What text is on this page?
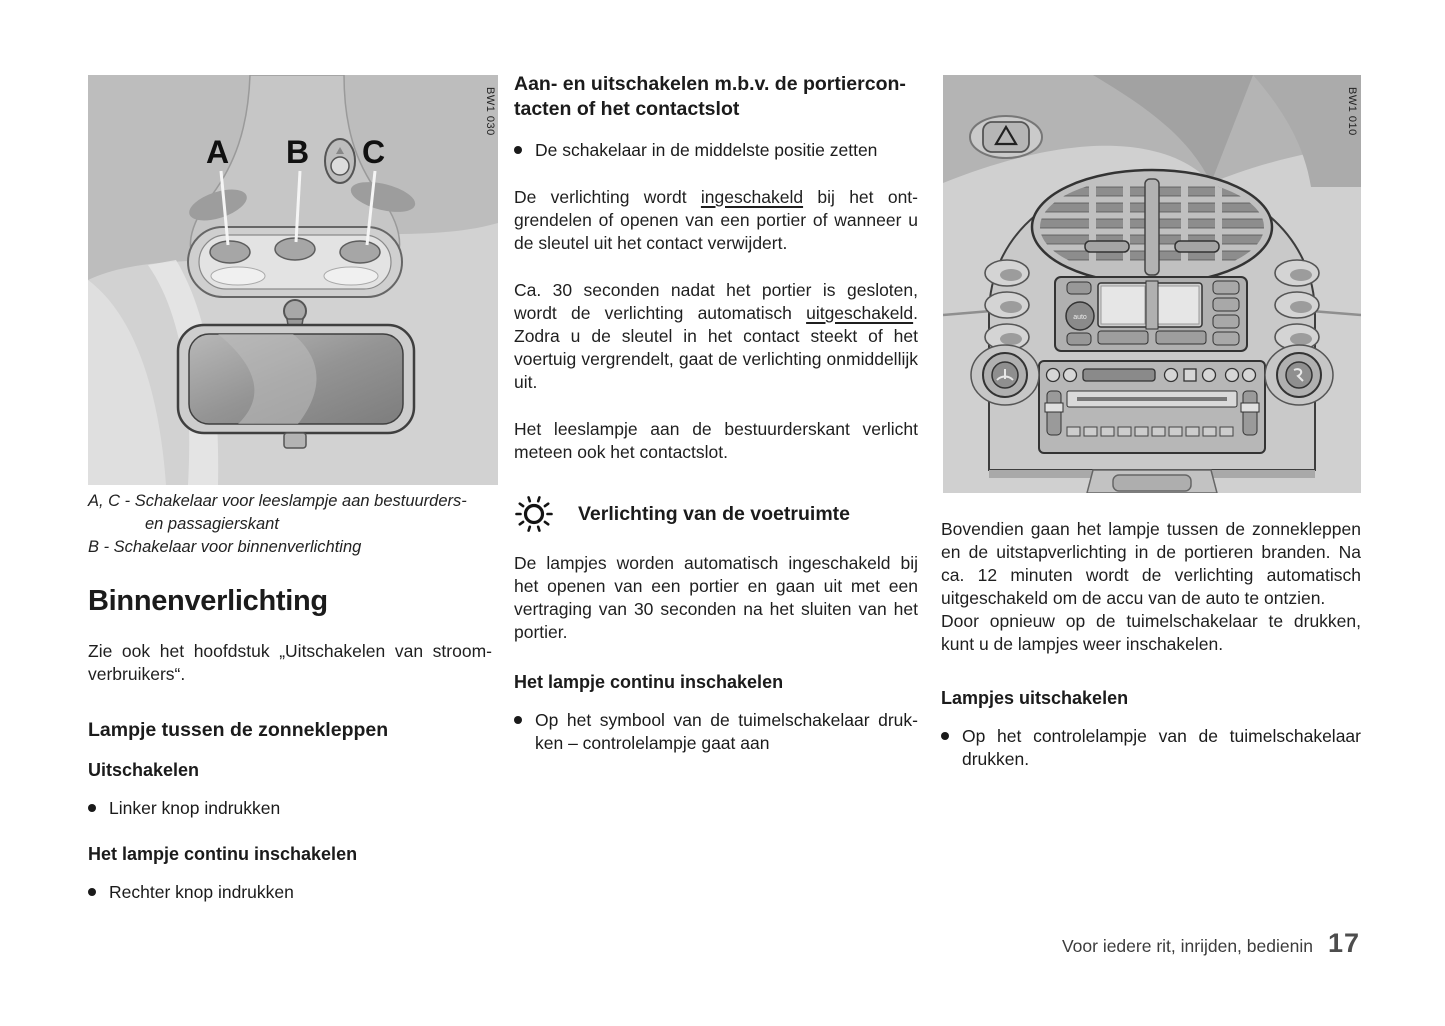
A B C
BW1 030
auto
BW1 010
A, C - Schakelaar voor leeslampje aan bestuurders-
en passagierskant
B - Schakelaar voor binnenverlichting
Binnenverlichting

Zie ook het hoofdstuk „Uitschakelen van stroomverbruikers“.

Lampje tussen de zonnekleppen
Uitschakelen
Linker knop indrukken
Het lampje continu inschakelen
Rechter knop indrukken
Aan- en uitschakelen m.b.v. de portiercontacten of het contactslot
De schakelaar in de middelste positie zetten

De verlichting wordt ingeschakeld bij het ontgrendelen of openen van een portier of wanneer u de sleutel uit het contact verwijdert.

Ca. 30 seconden nadat het portier is gesloten, wordt de verlichting automatisch uitgeschakeld. Zodra u de sleutel in het contact steekt of het voertuig vergrendelt, gaat de verlichting onmiddellijk uit.

Het leeslampje aan de bestuurderskant verlicht meteen ook het contactslot.

Verlichting van de voetruimte

De lampjes worden automatisch ingeschakeld bij het openen van een portier en gaan uit met een vertraging van 30 seconden na het sluiten van het portier.

Het lampje continu inschakelen
Op het symbool van de tuimelschakelaar drukken – controlelampje gaat aan

Bovendien gaan het lampje tussen de zonnekleppen en de uitstapverlichting in de portieren branden. Na ca. 12 minuten wordt de verlichting automatisch uitgeschakeld om de accu van de auto te ontzien.

Door opnieuw op de tuimelschakelaar te drukken, kunt u de lampjes weer inschakelen.

Lampjes uitschakelen
Op het controlelampje van de tuimelschakelaar drukken.
Voor iedere rit, inrijden, bedienin 17
